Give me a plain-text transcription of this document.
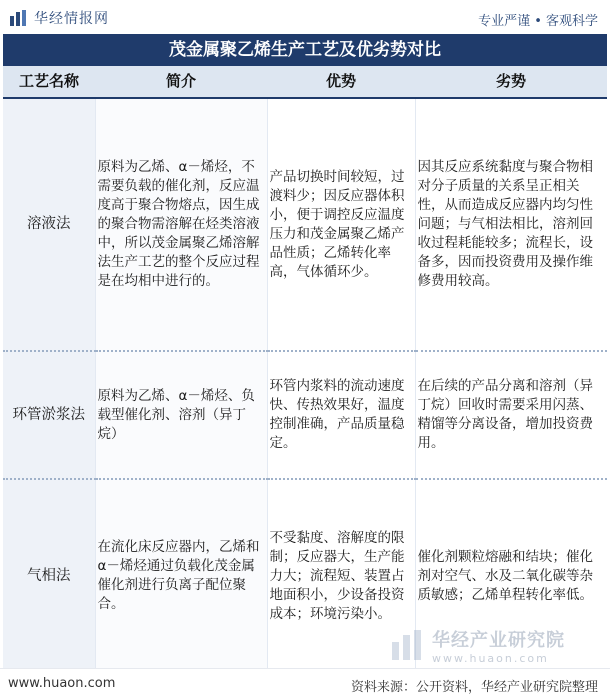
华经情报网	专业严谨 • 客观科学
茂金属聚乙烯生产工艺及优劣势对比
工艺名称	简介	优势	劣势
溶液法	原料为乙烯、α－烯烃，不需要负载的催化剂，反应温度高于聚合物熔点，因生成的聚合物需溶解在烃类溶液中，所以茂金属聚乙烯溶解法生产工艺的整个反应过程是在均相中进行的。	产品切换时间较短，过渡料少；因反应器体积小，便于调控反应温度压力和茂金属聚乙烯产品性质；乙烯转化率高，气体循环少。	因其反应系统黏度与聚合物相对分子质量的关系呈正相关性，从而造成反应器内均匀性问题；与气相法相比，溶剂回收过程耗能较多；流程长，设备多，因而投资费用及操作维修费用较高。
环管淤浆法	原料为乙烯、α－烯烃、负载型催化剂、溶剂（异丁烷）	环管内浆料的流动速度快、传热效果好，温度控制准确，产品质量稳定。	在后续的产品分离和溶剂（异丁烷）回收时需要采用闪蒸、精馏等分离设备，增加投资费用。
气相法	在流化床反应器内，乙烯和α－烯烃通过负载化茂金属催化剂进行负离子配位聚合。	不受黏度、溶解度的限制；反应器大，生产能力大；流程短、装置占地面积小，少设备投资成本；环境污染小。	催化剂颗粒熔融和结块；催化剂对空气、水及二氧化碳等杂质敏感；乙烯单程转化率低。
华经产业研究院
www.huaon.com
www.huaon.com	资料来源：公开资料，华经产业研究院整理
